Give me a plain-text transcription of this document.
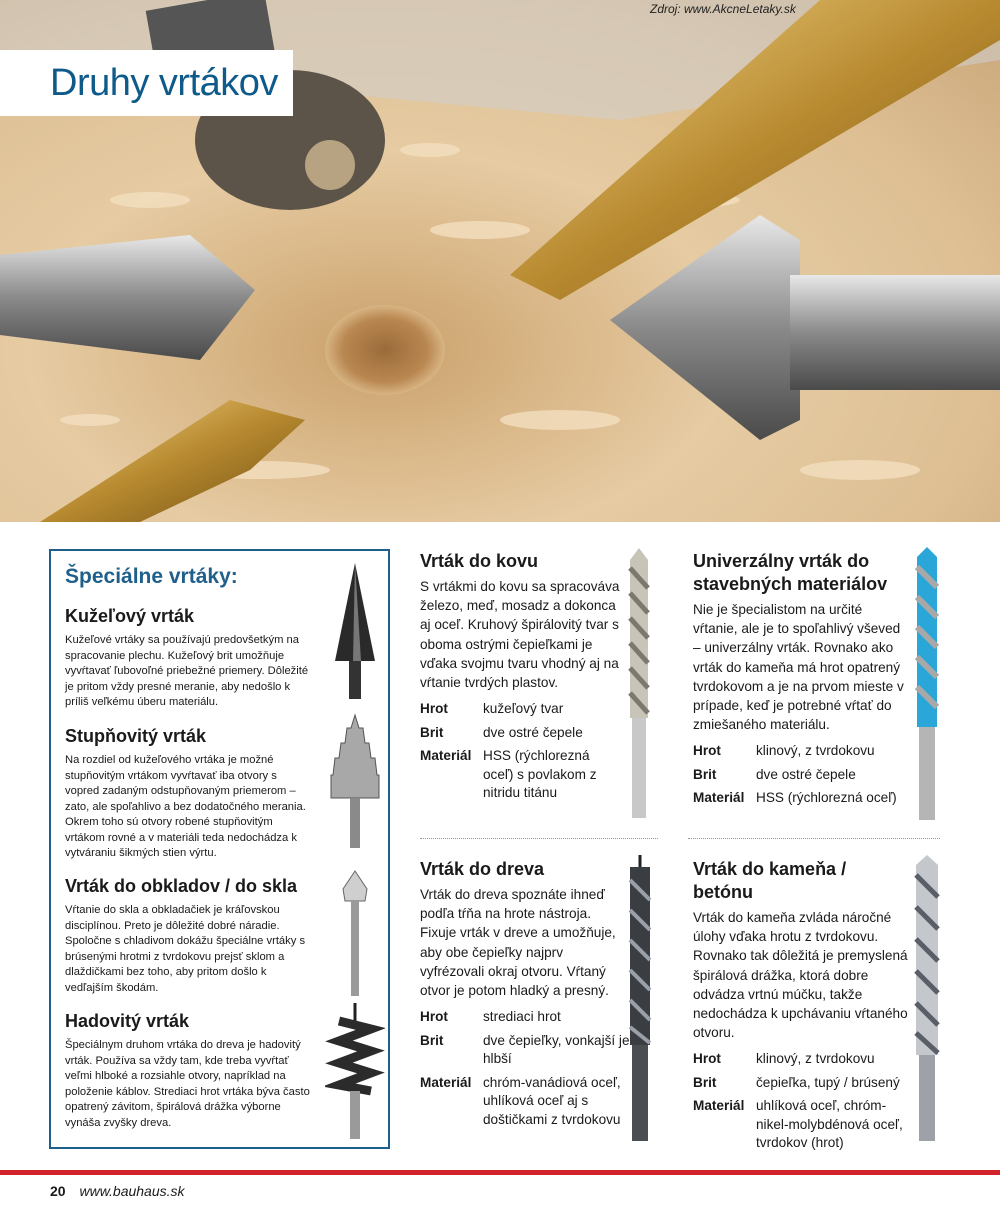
Zdroj: www.AkcneLetaky.sk
Druhy vrtákov
Špeciálne vrtáky:
Kužeľový vrták

Kužeľové vrtáky sa používajú predovšetkým na spracovanie plechu. Kužeľový brit umožňuje vyvŕtavať ľubovoľné priebežné priemery. Dôležité je pritom vždy presné meranie, aby nedošlo k príliš veľkému úberu materiálu.

Stupňovitý vrták

Na rozdiel od kužeľového vrtáka je možné stupňovitým vrtákom vyvŕtavať iba otvory s vopred zadaným odstupňovaným priemerom – zato, ale spoľahlivo a bez dodatočného merania. Okrem toho sú otvory robené stupňovitým vrtákom rovné a v materiáli teda nedochádza k vytváraniu šikmých stien výrtu.

Vrták do obkladov / do skla

Vŕtanie do skla a obkladačiek je kráľovskou disciplínou. Preto je dôležité dobré náradie. Spoločne s chladivom dokážu špeciálne vrtáky s brúsenými hrotmi z tvrdokovu prejsť sklom a dlaždičkami bez toho, aby pritom došlo k vedľajším škodám.

Hadovitý vrták

Špeciálnym druhom vrtáka do dreva je hadovitý vrták. Používa sa vždy tam, kde treba vyvŕtať veľmi hlboké a rozsiahle otvory, napríklad na položenie káblov. Strediaci hrot vrtáka býva často opatrený závitom, špirálová drážka výborne vynáša zvyšky dreva.

Vrták do kovu

S vrtákmi do kovu sa spracováva železo, meď, mosadz a dokonca aj oceľ. Kruhový špirálovitý tvar s oboma ostrými čepieľkami je vďaka svojmu tvaru vhodný aj na vŕtanie tvrdých plastov.

Hrot	kužeľový tvar
Brit	dve ostré čepele
Materiál HSS (rýchlorezná oceľ) s povlakom z nitridu titánu
Univerzálny vrták do stavebných materiálov

Nie je špecialistom na určité vŕtanie, ale je to spoľahlivý vševed – univerzálny vrták. Rovnako ako vrták do kameňa má hrot opatrený tvrdokovom a je na prvom mieste v prípade, keď je potrebné vŕtať do zmiešaného materiálu.

Hrot	klinový, z tvrdokovu
Brit	dve ostré čepele
Materiál HSS (rýchlorezná oceľ)
Vrták do dreva

Vrták do dreva spoznáte ihneď podľa tŕňa na hrote nástroja. Fixuje vrták v dreve a umožňuje, aby obe čepieľky najprv vyfrézovali okraj otvoru. Vŕtaný otvor je potom hladký a presný.

Hrot	strediaci hrot
Brit	dve čepieľky, vonkajší je hlbší
Materiál chróm-vanádiová oceľ, uhlíková oceľ aj s doštičkami z tvrdokovu
Vrták do kameňa / betónu

Vrták do kameňa zvláda náročné úlohy vďaka hrotu z tvrdokovu. Rovnako tak dôležitá je premyslená špirálová drážka, ktorá dobre odvádza vrtnú múčku, takže nedochádza k upchávaniu vŕtaného otvoru.

Hrot	klinový, z tvrdokovu
Brit	čepieľka, tupý / brúsený
Materiál uhlíková oceľ, chróm-nikel-molybdénová oceľ, tvrdokov (hrot)
20 www.bauhaus.sk
